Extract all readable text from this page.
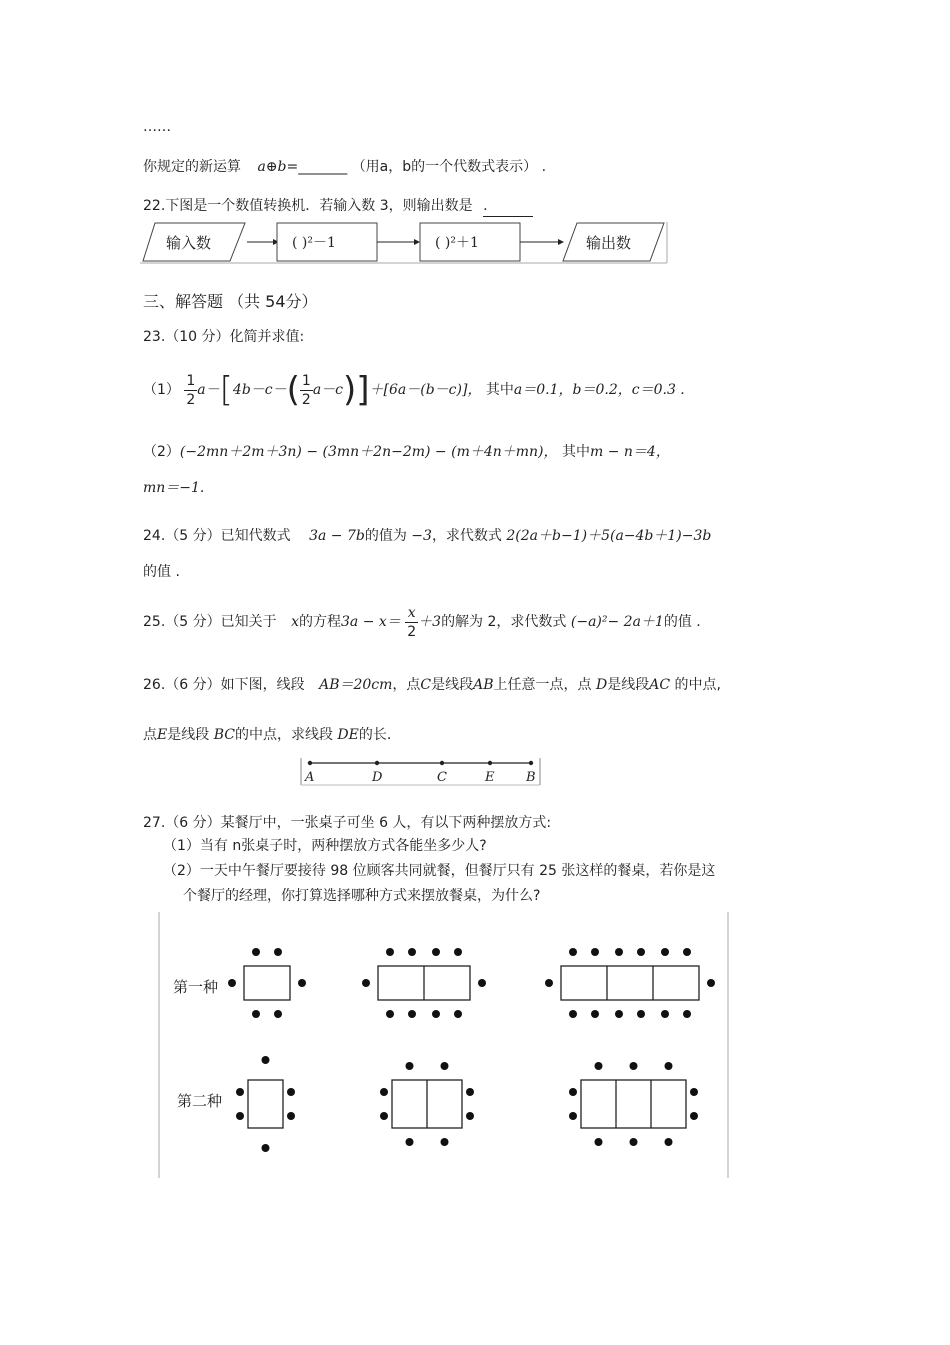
……
你规定的新运算 a⊕b=_______ （用a，b的一个代数式表示） .
22.下图是一个数值转换机．若输入数 3，则输出数是 .
输入数	( )²－1	( )²＋1	输出数
三、解答题 （共 54分）
23.（10 分）化简并求值:
$(1) \frac{1}{2} a-[4b-c-( \frac{1}{2} a-c)]+[6a-(b-c)]$， 其中a＝0.1，b＝0.2，c＝0.3 .
（2）(−2mn＋2m＋3n) − (3mn＋2n−2m) − (m＋4n＋mn)， 其中m − n＝4，
mn＝−1.
24.（5 分）已知代数式 3a − 7b的值为 −3，求代数式 2(2a＋b−1)＋5(a−4b＋1)−3b
的值 .
25.（5 分）已知关于 x的方程$3a - x= \frac{x}{2} +3$的解为 2，求代数式 (−a)²− 2a＋1的值 .
26.（6 分）如下图，线段 AB＝20cm，点C是线段AB上任意一点，点 D是线段AC 的中点,
点E是线段 BC的中点，求线段 DE的长.
A	D	C	E B
27.（6 分）某餐厅中，一张桌子可坐 6 人，有以下两种摆放方式:
（1）当有 n张桌子时，两种摆放方式各能坐多少人?
（2）一天中午餐厅要接待 98 位顾客共同就餐，但餐厅只有 25 张这样的餐桌，若你是这
个餐厅的经理，你打算选择哪种方式来摆放餐桌，为什么?
第一种
第二种
